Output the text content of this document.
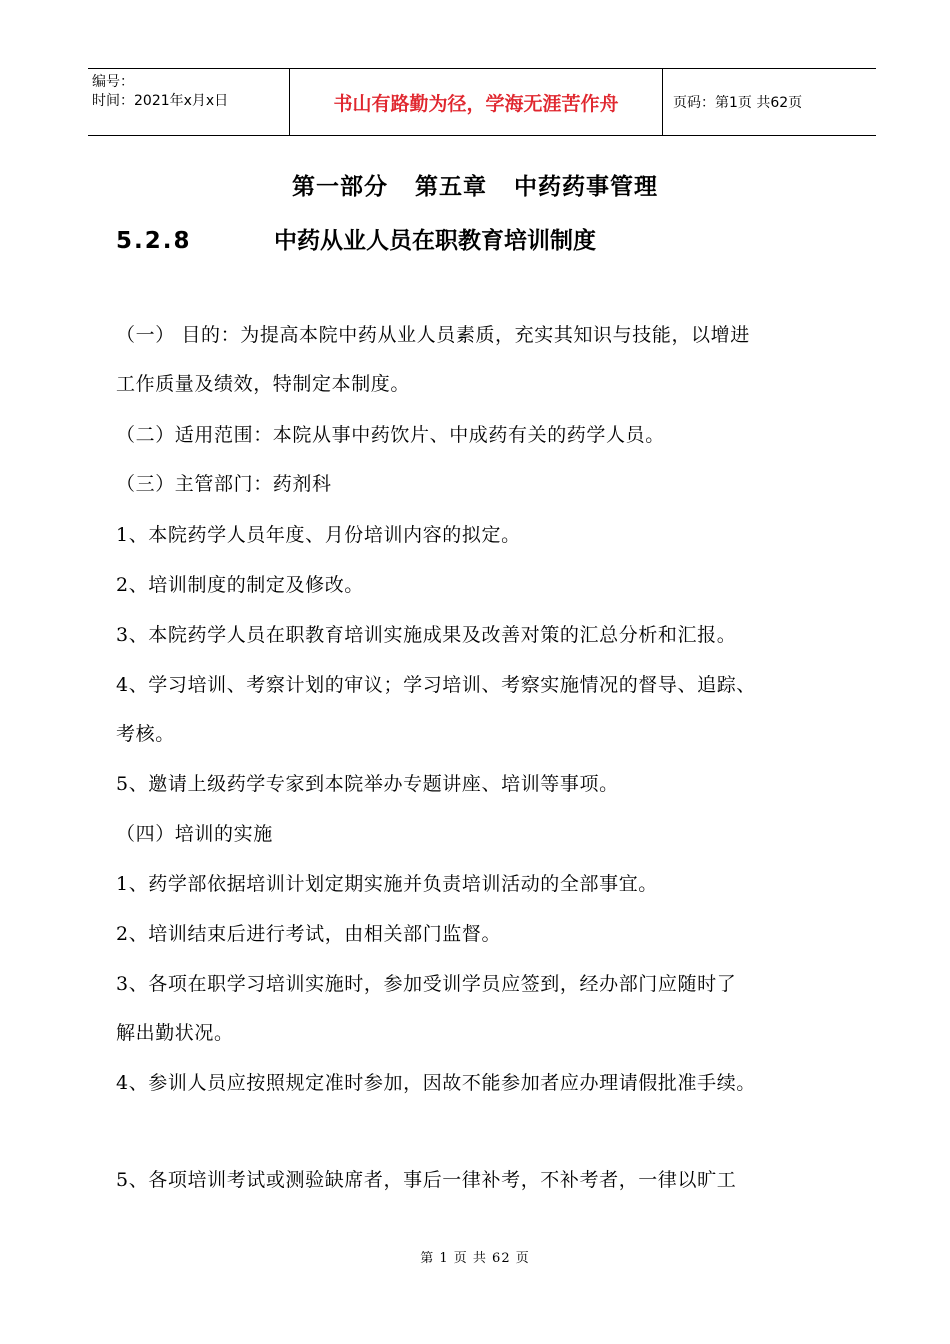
编号：
时间：2021年x月x日	书山有路勤为径，学海无涯苦作舟	页码：第1页 共62页
第一部分   第五章   中药药事管理
5.2.8	中药从业人员在职教育培训制度
（一） 目的：为提高本院中药从业人员素质，充实其知识与技能，以增进
工作质量及绩效，特制定本制度。
（二）适用范围：本院从事中药饮片、中成药有关的药学人员。
（三）主管部门：药剂科
1、本院药学人员年度、月份培训内容的拟定。
2、培训制度的制定及修改。
3、本院药学人员在职教育培训实施成果及改善对策的汇总分析和汇报。
4、学习培训、考察计划的审议；学习培训、考察实施情况的督导、追踪、
考核。
5、邀请上级药学专家到本院举办专题讲座、培训等事项。
（四）培训的实施
1、药学部依据培训计划定期实施并负责培训活动的全部事宜。
2、培训结束后进行考试，由相关部门监督。
3、各项在职学习培训实施时，参加受训学员应签到，经办部门应随时了
解出勤状况。
4、参训人员应按照规定准时参加，因故不能参加者应办理请假批准手续。
5、各项培训考试或测验缺席者，事后一律补考，不补考者，一律以旷工
第 1 页 共 62 页
